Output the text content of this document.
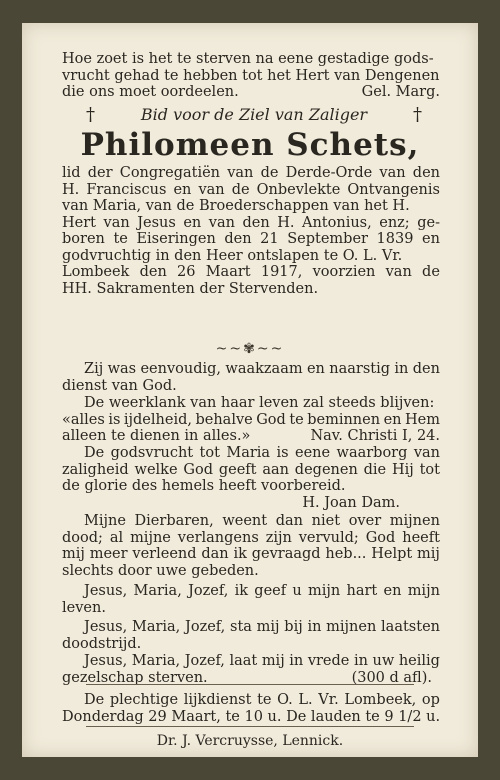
Hoe zoet is het te sterven na eene gestadige gods-
vrucht gehad te hebben tot het Hert van Dengenen
die ons moet oordeelen.	Gel. Marg.
†	Bid voor de Ziel van Zaliger	†
Philomeen Schets,
lid der Congregatiën van de Derde-Orde van den
H. Franciscus en van de Onbevlekte Ontvangenis
van Maria, van de Broederschappen van het H.
Hert van Jesus en van den H. Antonius, enz; ge-
boren te Eiseringen den 21 September 1839 en
godvruchtig in den Heer ontslapen te O. L. Vr.
Lombeek den 26 Maart 1917, voorzien van de
HH. Sakramenten der Stervenden.
~~✾~~
Zij was eenvoudig, waakzaam en naarstig in den
dienst van God.
De weerklank van haar leven zal steeds blijven:
«alles is ijdelheid, behalve God te beminnen en Hem
alleen te dienen in alles.»	Nav. Christi I, 24.
De godsvrucht tot Maria is eene waarborg van
zaligheid welke God geeft aan degenen die Hij tot
de glorie des hemels heeft voorbereid.
H. Joan Dam.
Mijne Dierbaren, weent dan niet over mijnen
dood; al mijne verlangens zijn vervuld; God heeft
mij meer verleend dan ik gevraagd heb... Helpt mij
slechts door uwe gebeden.
Jesus, Maria, Jozef, ik geef u mijn hart en mijn
leven.
Jesus, Maria, Jozef, sta mij bij in mijnen laatsten
doodstrijd.
Jesus, Maria, Jozef, laat mij in vrede in uw heilig
gezelschap sterven.	(300 d afl).
De plechtige lijkdienst te O. L. Vr. Lombeek, op
Donderdag 29 Maart, te 10 u. De lauden te 9 1/2 u.
Dr. J. Vercruysse, Lennick.
